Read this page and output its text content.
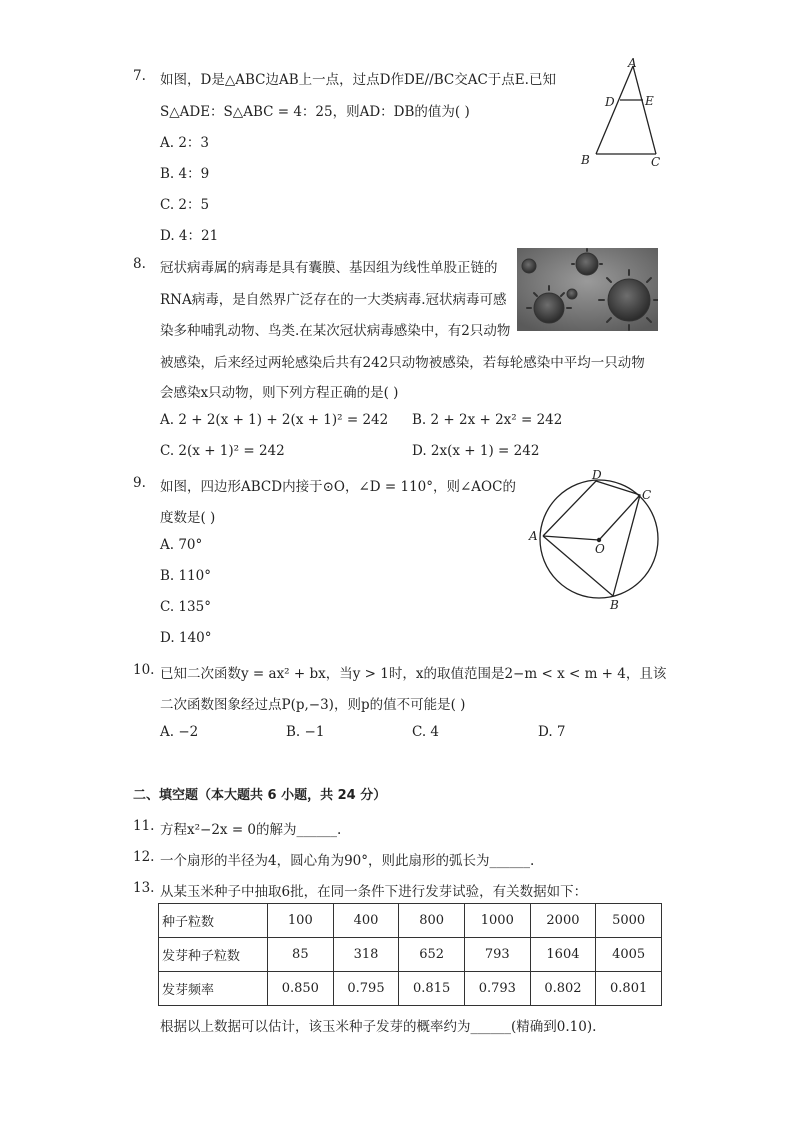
7. 如图，D是△ABC边AB上一点，过点D作DE//BC交AC于点E.已知
S△ADE：S△ABC = 4：25，则AD：DB的值为( )
A. 2：3
B. 4：9
C. 2：5
D. 4：21
A
D	E
B	C
8. 冠状病毒属的病毒是具有囊膜、基因组为线性单股正链的
RNA病毒，是自然界广泛存在的一大类病毒.冠状病毒可感
染多种哺乳动物、鸟类.在某次冠状病毒感染中，有2只动物
被感染，后来经过两轮感染后共有242只动物被感染，若每轮感染中平均一只动物
会感染x只动物，则下列方程正确的是( )
A. 2 + 2(x + 1) + 2(x + 1)² = 242 B. 2 + 2x + 2x² = 242
C. 2(x + 1)² = 242	D. 2x(x + 1) = 242
9. 如图，四边形ABCD内接于⊙O，∠D = 110°，则∠AOC的
度数是( )
A. 70°
B. 110°
C. 135°
D. 140°
D
C
A
O
B
10. 已知二次函数y = ax² + bx，当y > 1时，x的取值范围是2−m < x < m + 4，且该
二次函数图象经过点P(p,−3)，则p的值不可能是( )
A. −2	B. −1	C. 4	D. 7
二、填空题（本大题共 6 小题，共 24 分）
11. 方程x²−2x = 0的解为______.
12. 一个扇形的半径为4，圆心角为90°，则此扇形的弧长为______.
13. 从某玉米种子中抽取6批，在同一条件下进行发芽试验，有关数据如下：
种子粒数	100	400	800	1000	2000	5000
发芽种子粒数	85	318	652	793	1604	4005
发芽频率	0.850	0.795	0.815	0.793	0.802	0.801
根据以上数据可以估计，该玉米种子发芽的概率约为______(精确到0.10).
